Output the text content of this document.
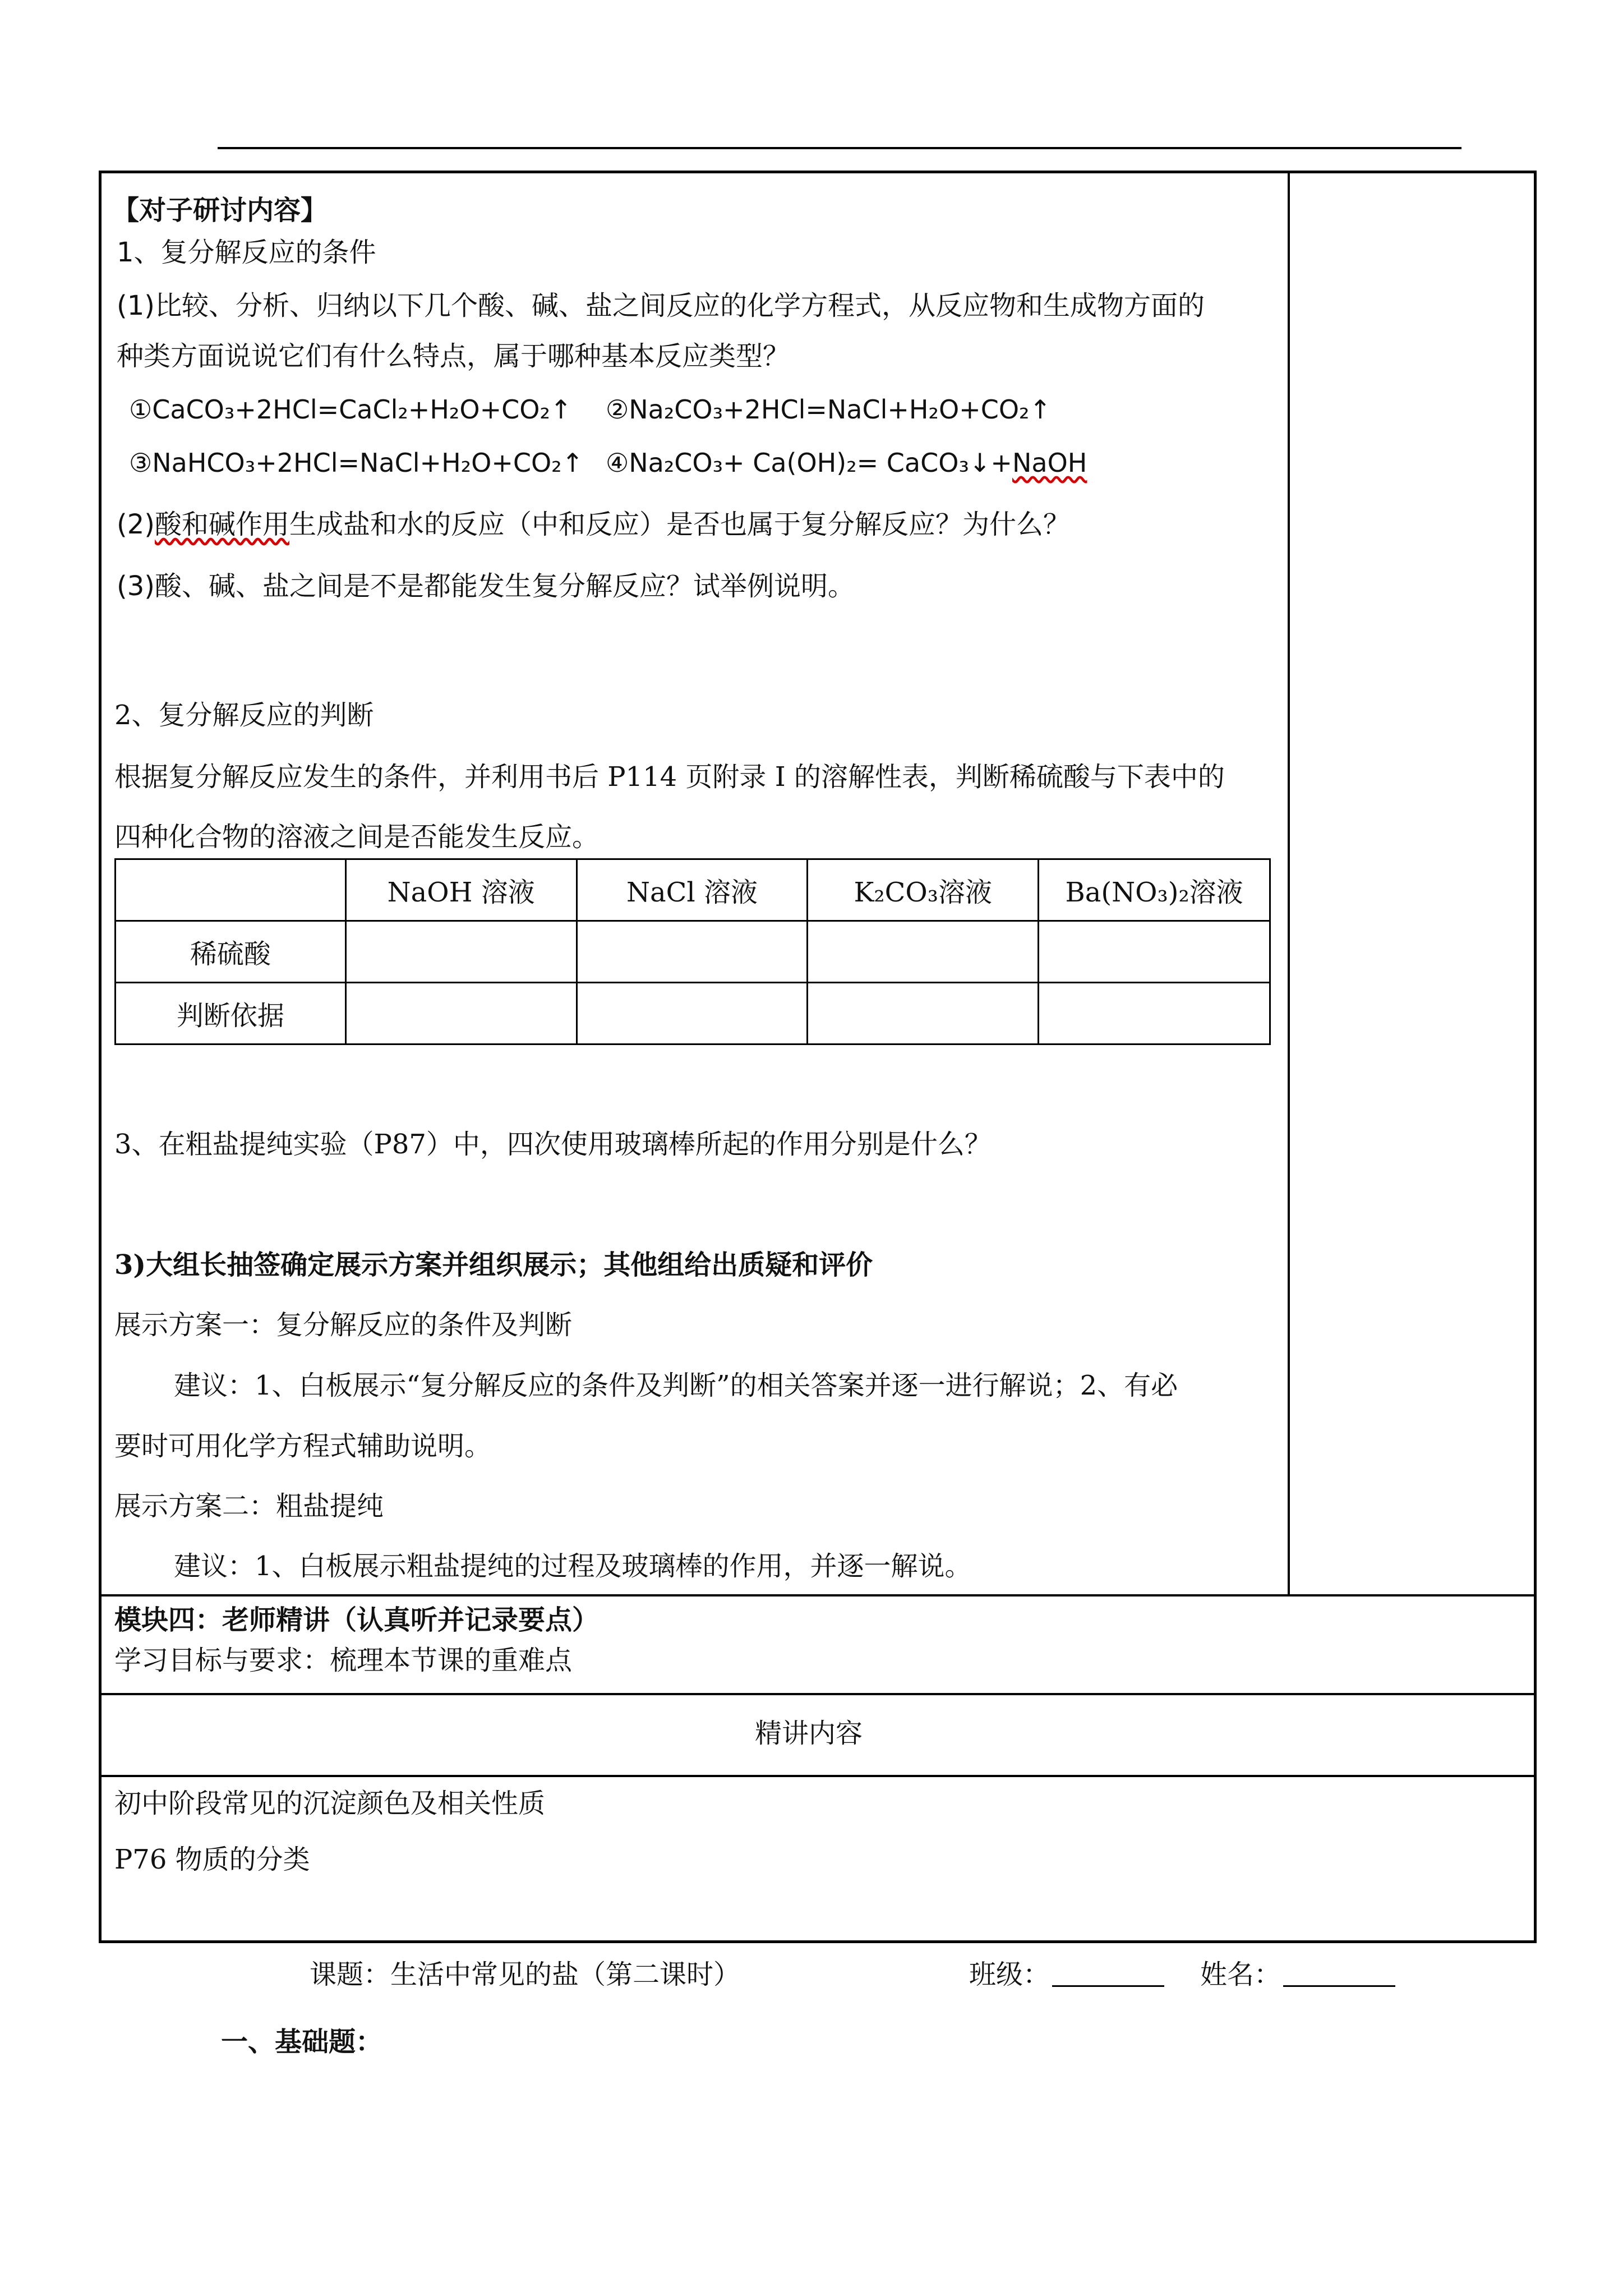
【对子研讨内容】
1、复分解反应的条件
(1)比较、分析、归纳以下几个酸、碱、盐之间反应的化学方程式，从反应物和生成物方面的
种类方面说说它们有什么特点，属于哪种基本反应类型？
①CaCO₃+2HCl=CaCl₂+H₂O+CO₂↑ ②Na₂CO₃+2HCl=NaCl+H₂O+CO₂↑
③NaHCO₃+2HCl=NaCl+H₂O+CO₂↑ ④Na₂CO₃+ Ca(OH)₂= CaCO₃↓+NaOH
(2)酸和碱作用生成盐和水的反应（中和反应）是否也属于复分解反应？为什么？
(3)酸、碱、盐之间是不是都能发生复分解反应？试举例说明。
2、复分解反应的判断
根据复分解反应发生的条件，并利用书后 P114 页附录 I 的溶解性表，判断稀硫酸与下表中的
四种化合物的溶液之间是否能发生反应。
	NaOH 溶液	NaCl 溶液	K₂CO₃溶液	Ba(NO₃)₂溶液
稀硫酸				
判断依据				
3、在粗盐提纯实验（P87）中，四次使用玻璃棒所起的作用分别是什么？
3)大组长抽签确定展示方案并组织展示；其他组给出质疑和评价
展示方案一：复分解反应的条件及判断
建议：1、白板展示“复分解反应的条件及判断”的相关答案并逐一进行解说；2、有必
要时可用化学方程式辅助说明。
展示方案二：粗盐提纯
建议：1、白板展示粗盐提纯的过程及玻璃棒的作用，并逐一解说。
模块四：老师精讲（认真听并记录要点）
学习目标与要求：梳理本节课的重难点
精讲内容
初中阶段常见的沉淀颜色及相关性质
P76 物质的分类
课题：生活中常见的盐（第二课时）	班级：	姓名：
一、基础题：
